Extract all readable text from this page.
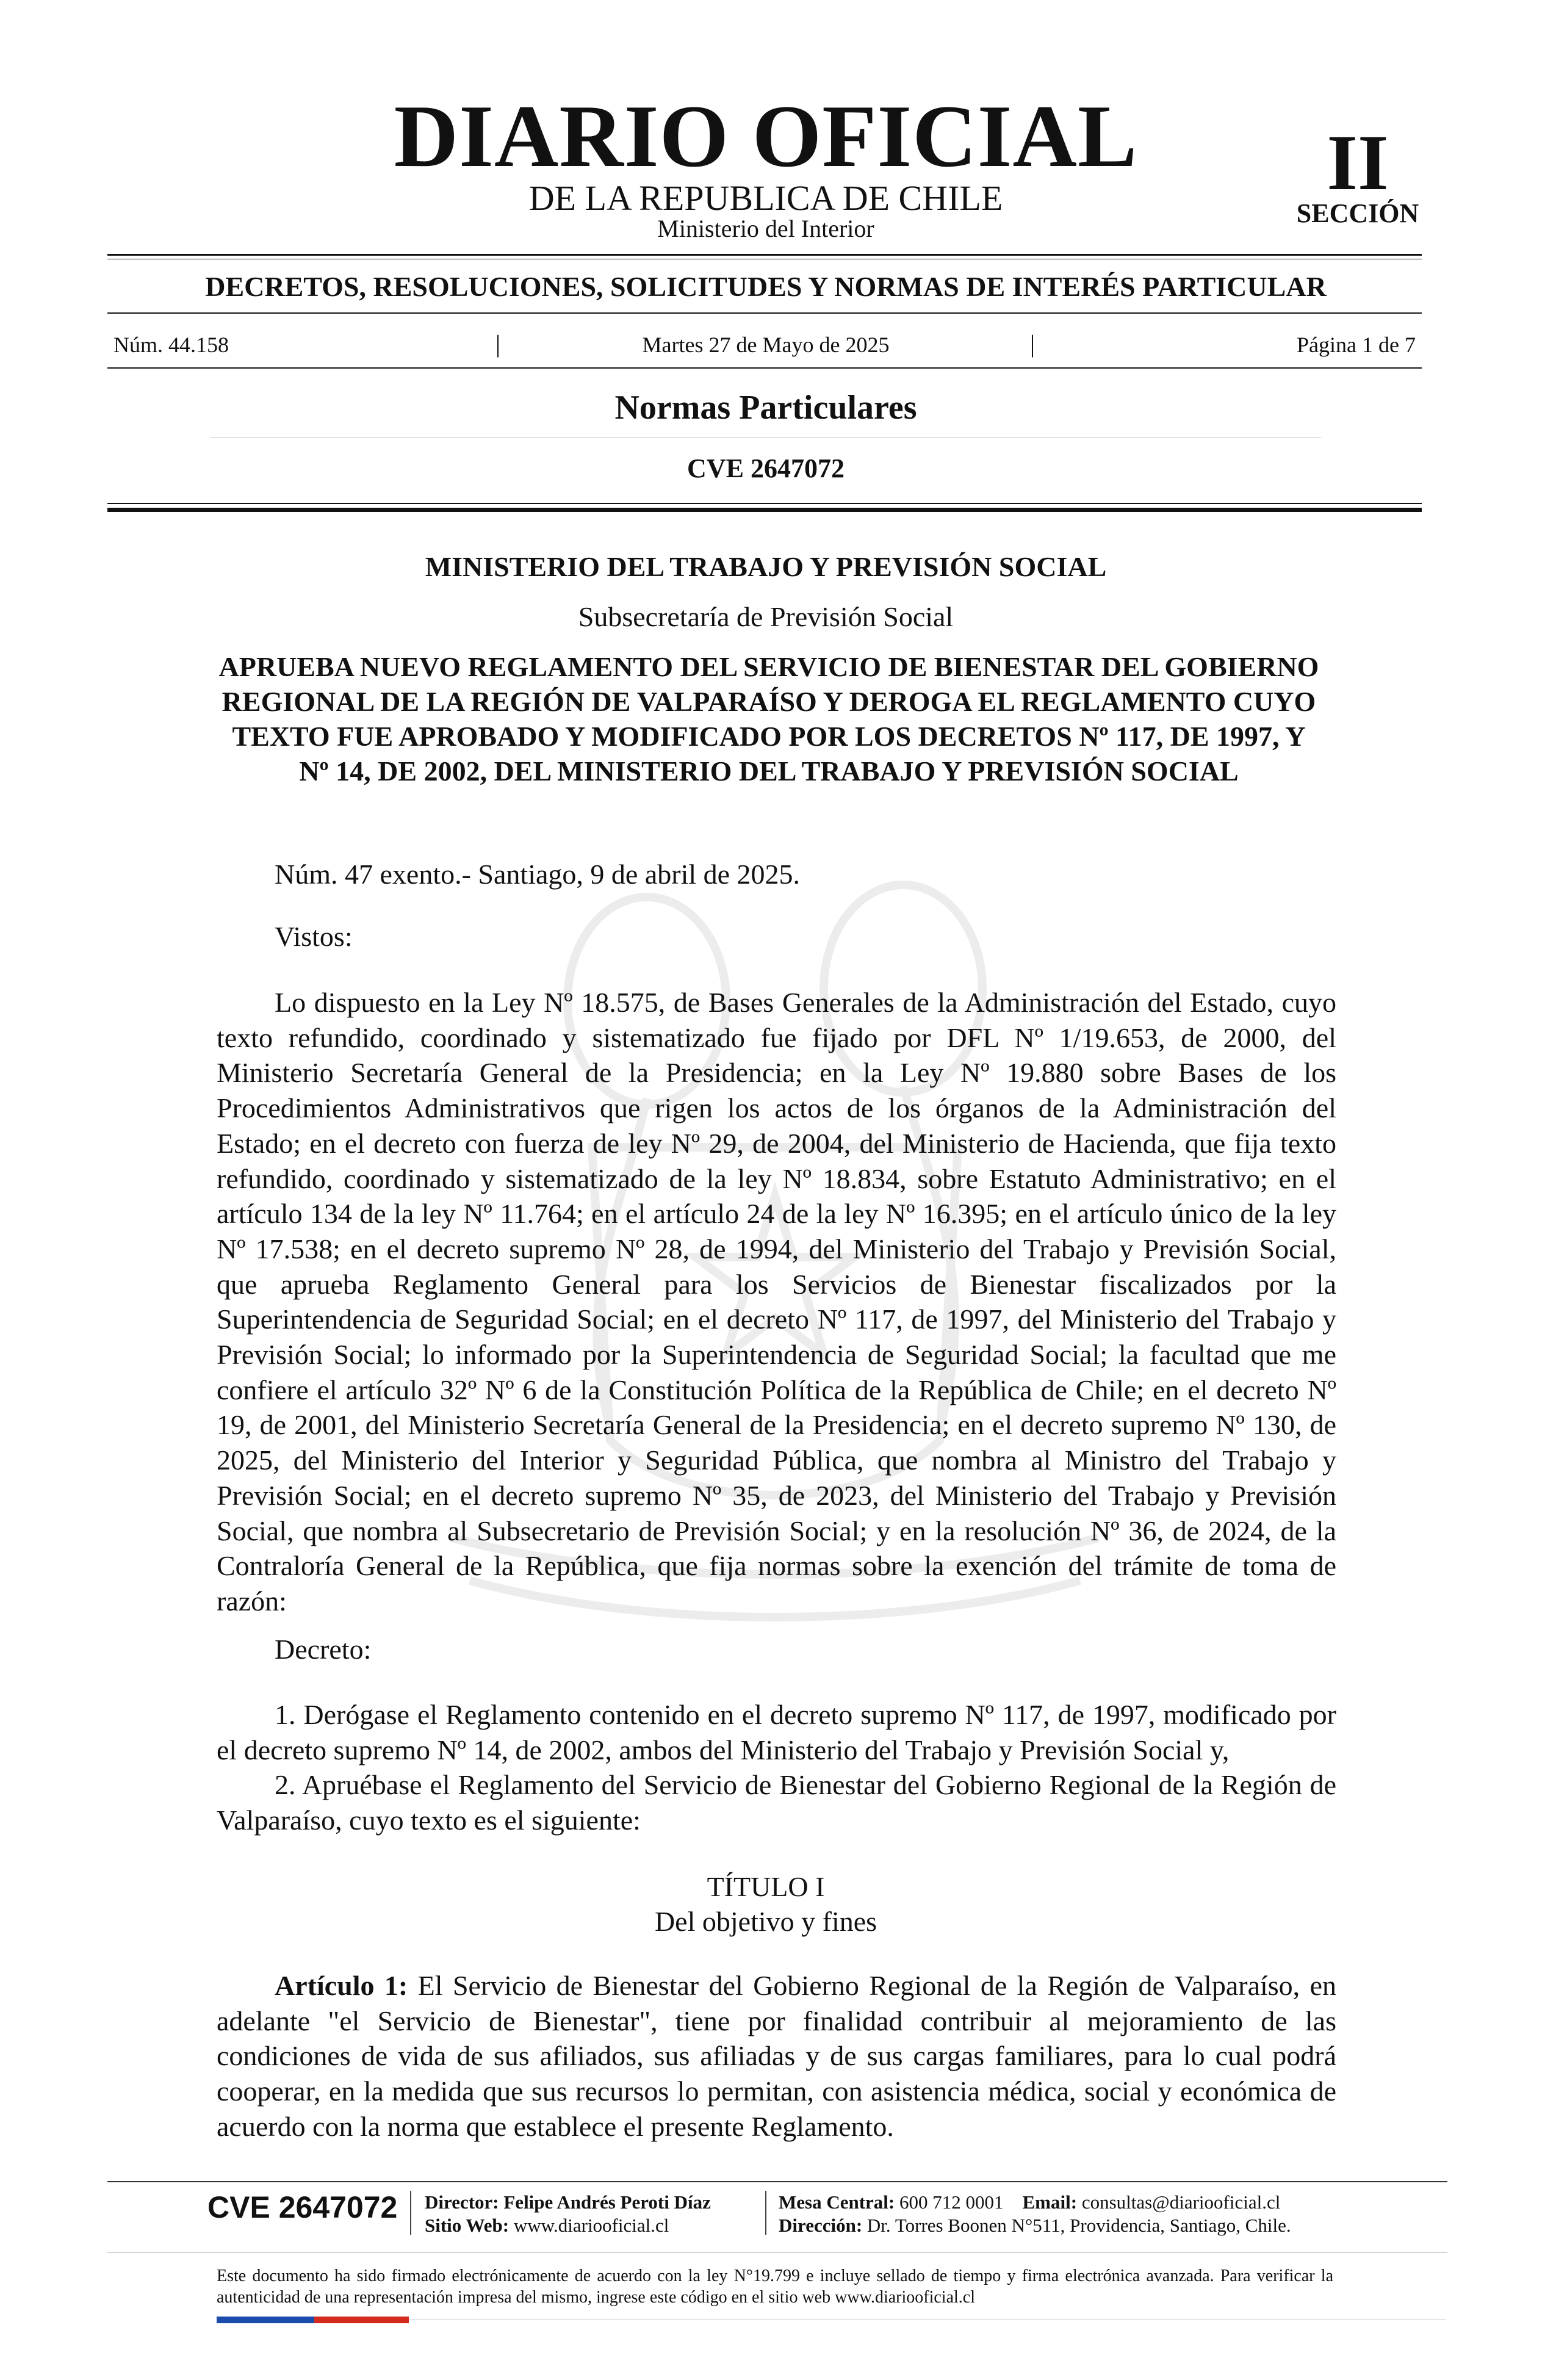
DIARIO OFICIAL
DE LA REPUBLICA DE CHILE
Ministerio del Interior
II
SECCIÓN
DECRETOS, RESOLUCIONES, SOLICITUDES Y NORMAS DE INTERÉS PARTICULAR
Núm. 44.158	|	Martes 27 de Mayo de 2025	|	Página 1 de 7
Normas Particulares
CVE 2647072
MINISTERIO DEL TRABAJO Y PREVISIÓN SOCIAL
Subsecretaría de Previsión Social
APRUEBA NUEVO REGLAMENTO DEL SERVICIO DE BIENESTAR DEL GOBIERNO REGIONAL DE LA REGIÓN DE VALPARAÍSO Y DEROGA EL REGLAMENTO CUYO TEXTO FUE APROBADO Y MODIFICADO POR LOS DECRETOS Nº 117, DE 1997, Y Nº 14, DE 2002, DEL MINISTERIO DEL TRABAJO Y PREVISIÓN SOCIAL
Núm. 47 exento.- Santiago, 9 de abril de 2025.
Vistos:
Lo dispuesto en la Ley Nº 18.575, de Bases Generales de la Administración del Estado, cuyo texto refundido, coordinado y sistematizado fue fijado por DFL Nº 1/19.653, de 2000, del Ministerio Secretaría General de la Presidencia; en la Ley Nº 19.880 sobre Bases de los Procedimientos Administrativos que rigen los actos de los órganos de la Administración del Estado; en el decreto con fuerza de ley Nº 29, de 2004, del Ministerio de Hacienda, que fija texto refundido, coordinado y sistematizado de la ley Nº 18.834, sobre Estatuto Administrativo; en el artículo 134 de la ley Nº 11.764; en el artículo 24 de la ley Nº 16.395; en el artículo único de la ley Nº 17.538; en el decreto supremo Nº 28, de 1994, del Ministerio del Trabajo y Previsión Social, que aprueba Reglamento General para los Servicios de Bienestar fiscalizados por la Superintendencia de Seguridad Social; en el decreto Nº 117, de 1997, del Ministerio del Trabajo y Previsión Social; lo informado por la Superintendencia de Seguridad Social; la facultad que me confiere el artículo 32º Nº 6 de la Constitución Política de la República de Chile; en el decreto Nº 19, de 2001, del Ministerio Secretaría General de la Presidencia; en el decreto supremo Nº 130, de 2025, del Ministerio del Interior y Seguridad Pública, que nombra al Ministro del Trabajo y Previsión Social; en el decreto supremo Nº 35, de 2023, del Ministerio del Trabajo y Previsión Social, que nombra al Subsecretario de Previsión Social; y en la resolución Nº 36, de 2024, de la Contraloría General de la República, que fija normas sobre la exención del trámite de toma de razón:
Decreto:
1. Derógase el Reglamento contenido en el decreto supremo Nº 117, de 1997, modificado por el decreto supremo Nº 14, de 2002, ambos del Ministerio del Trabajo y Previsión Social y,
2. Apruébase el Reglamento del Servicio de Bienestar del Gobierno Regional de la Región de Valparaíso, cuyo texto es el siguiente:
TÍTULO I
Del objetivo y fines
Artículo 1: El Servicio de Bienestar del Gobierno Regional de la Región de Valparaíso, en adelante "el Servicio de Bienestar", tiene por finalidad contribuir al mejoramiento de las condiciones de vida de sus afiliados, sus afiliadas y de sus cargas familiares, para lo cual podrá cooperar, en la medida que sus recursos lo permitan, con asistencia médica, social y económica de acuerdo con la norma que establece el presente Reglamento.
CVE 2647072 Director: Felipe Andrés Peroti Díaz
Sitio Web: www.diariooficial.cl
Mesa Central: 600 712 0001 Email: consultas@diariooficial.cl
Dirección: Dr. Torres Boonen N°511, Providencia, Santiago, Chile.
Este documento ha sido firmado electrónicamente de acuerdo con la ley N°19.799 e incluye sellado de tiempo y firma electrónica avanzada. Para verificar la autenticidad de una representación impresa del mismo, ingrese este código en el sitio web www.diariooficial.cl
